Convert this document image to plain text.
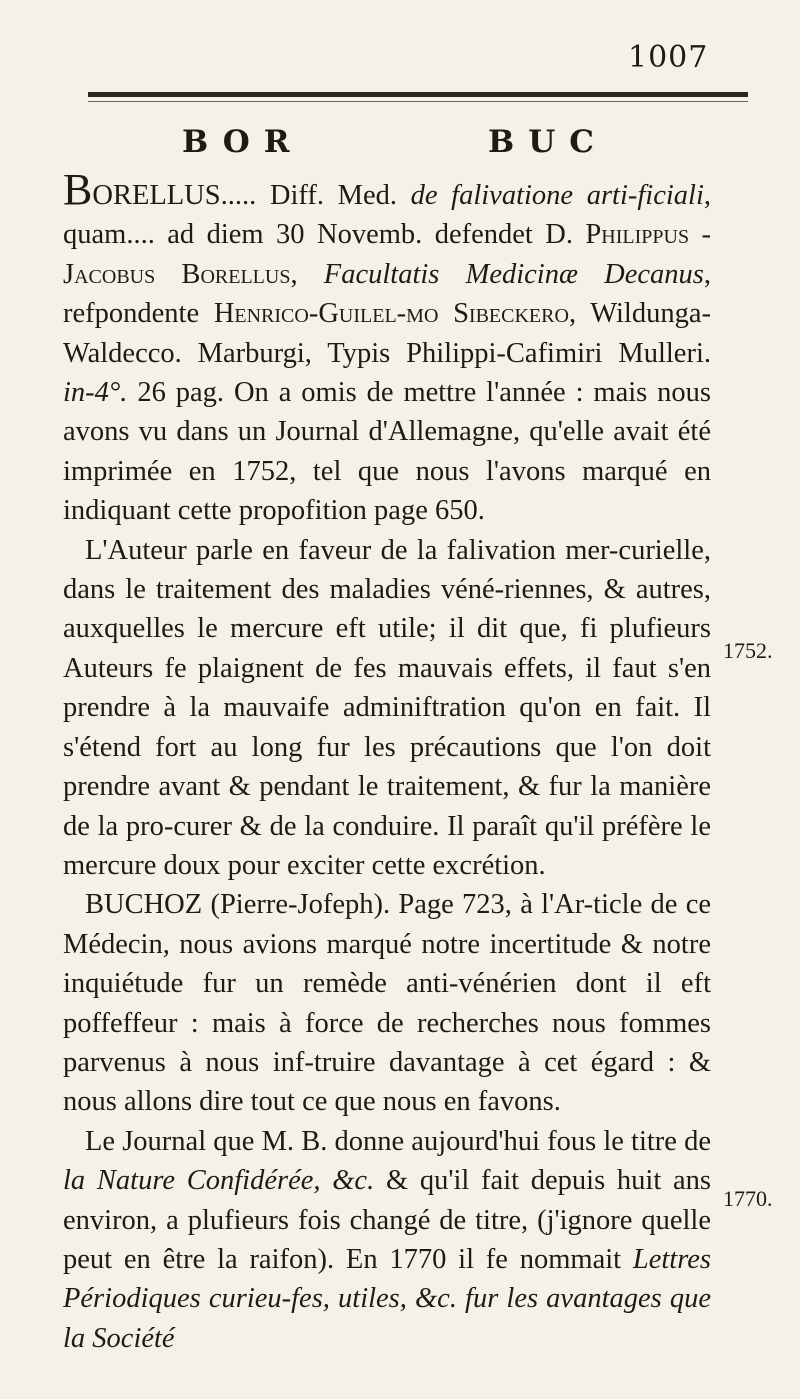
1007
BOR	BUC

BORELLUS..... Diff. Med. de falivatione arti-ficiali, quam.... ad diem 30 Novemb. defendet D. Philippus - Jacobus Borellus, Facultatis Medicinæ Decanus, refpondente Henrico-Guilel-mo Sibeckero, Wildunga-Waldecco. Marburgi, Typis Philippi-Cafimiri Mulleri. in-4°. 26 pag. On a omis de mettre l'année : mais nous avons vu dans un Journal d'Allemagne, qu'elle avait été imprimée en 1752, tel que nous l'avons marqué en indiquant cette propofition page 650.

L'Auteur parle en faveur de la falivation mer-curielle, dans le traitement des maladies véné-riennes, & autres, auxquelles le mercure eft utile; il dit que, fi plufieurs Auteurs fe plaignent de fes mauvais effets, il faut s'en prendre à la mauvaife adminiftration qu'on en fait. Il s'étend fort au long fur les précautions que l'on doit prendre avant & pendant le traitement, & fur la manière de la pro-curer & de la conduire. Il paraît qu'il préfère le mercure doux pour exciter cette excrétion.

BUCHOZ (Pierre-Jofeph). Page 723, à l'Ar-ticle de ce Médecin, nous avions marqué notre incertitude & notre inquiétude fur un remède anti-vénérien dont il eft poffeffeur : mais à force de recherches nous fommes parvenus à nous inf-truire davantage à cet égard : & nous allons dire tout ce que nous en favons.

Le Journal que M. B. donne aujourd'hui fous le titre de la Nature Confidérée, &c. & qu'il fait depuis huit ans environ, a plufieurs fois changé de titre, (j'ignore quelle peut en être la raifon). En 1770 il fe nommait Lettres Périodiques curieu-fes, utiles, &c. fur les avantages que la Société

1752.
1770.
